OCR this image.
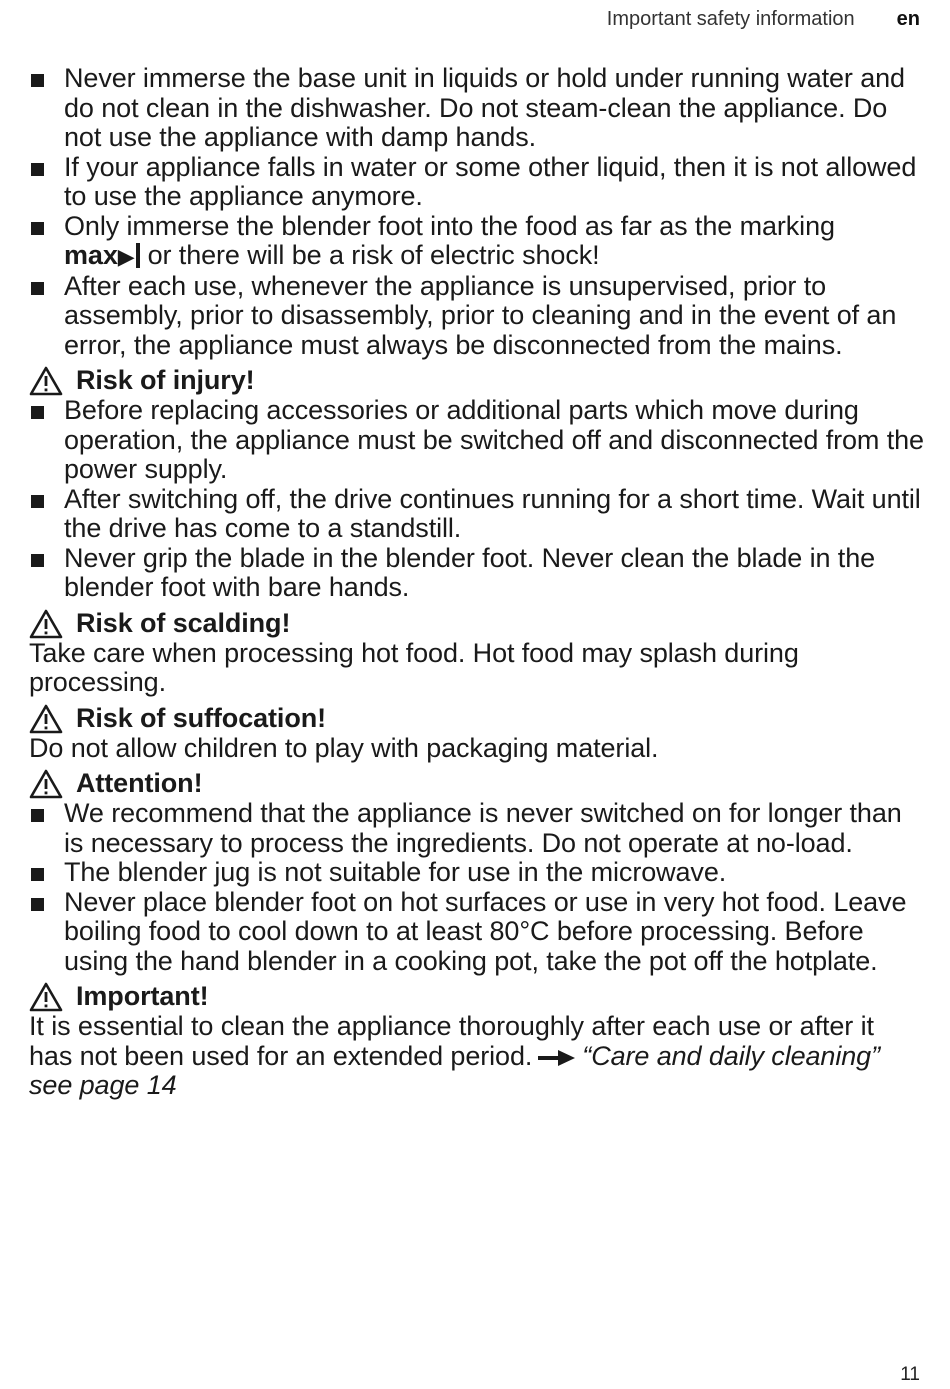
Important safety information en
Never immerse the base unit in liquids or hold under running water and do not clean in the dishwasher. Do not steam-clean the appliance. Do not use the appliance with damp hands.
If your appliance falls in water or some other liquid, then it is not allowed to use the appliance anymore.
Only immerse the blender foot into the food as far as the marking
max▶ or there will be a risk of electric shock!
After each use, whenever the appliance is unsupervised, prior to assembly, prior to disassembly, prior to cleaning and in the event of an error, the appliance must always be disconnected from the mains.
Risk of injury!
Before replacing accessories or additional parts which move during operation, the appliance must be switched off and disconnected from the power supply.
After switching off, the drive continues running for a short time. Wait until the drive has come to a standstill.
Never grip the blade in the blender foot. Never clean the blade in the blender foot with bare hands.
Risk of scalding!

Take care when processing hot food. Hot food may splash during processing.

Risk of suffocation!

Do not allow children to play with packaging material.

Attention!
We recommend that the appliance is never switched on for longer than is necessary to process the ingredients. Do not operate at no-load.
The blender jug is not suitable for use in the microwave.
Never place blender foot on hot surfaces or use in very hot food. Leave boiling food to cool down to at least 80°C before processing. Before using the hand blender in a cooking pot, take the pot off the hotplate.
Important!

It is essential to clean the appliance thoroughly after each use or after it has not been used for an extended period. “Care and daily cleaning” see page 14

11
